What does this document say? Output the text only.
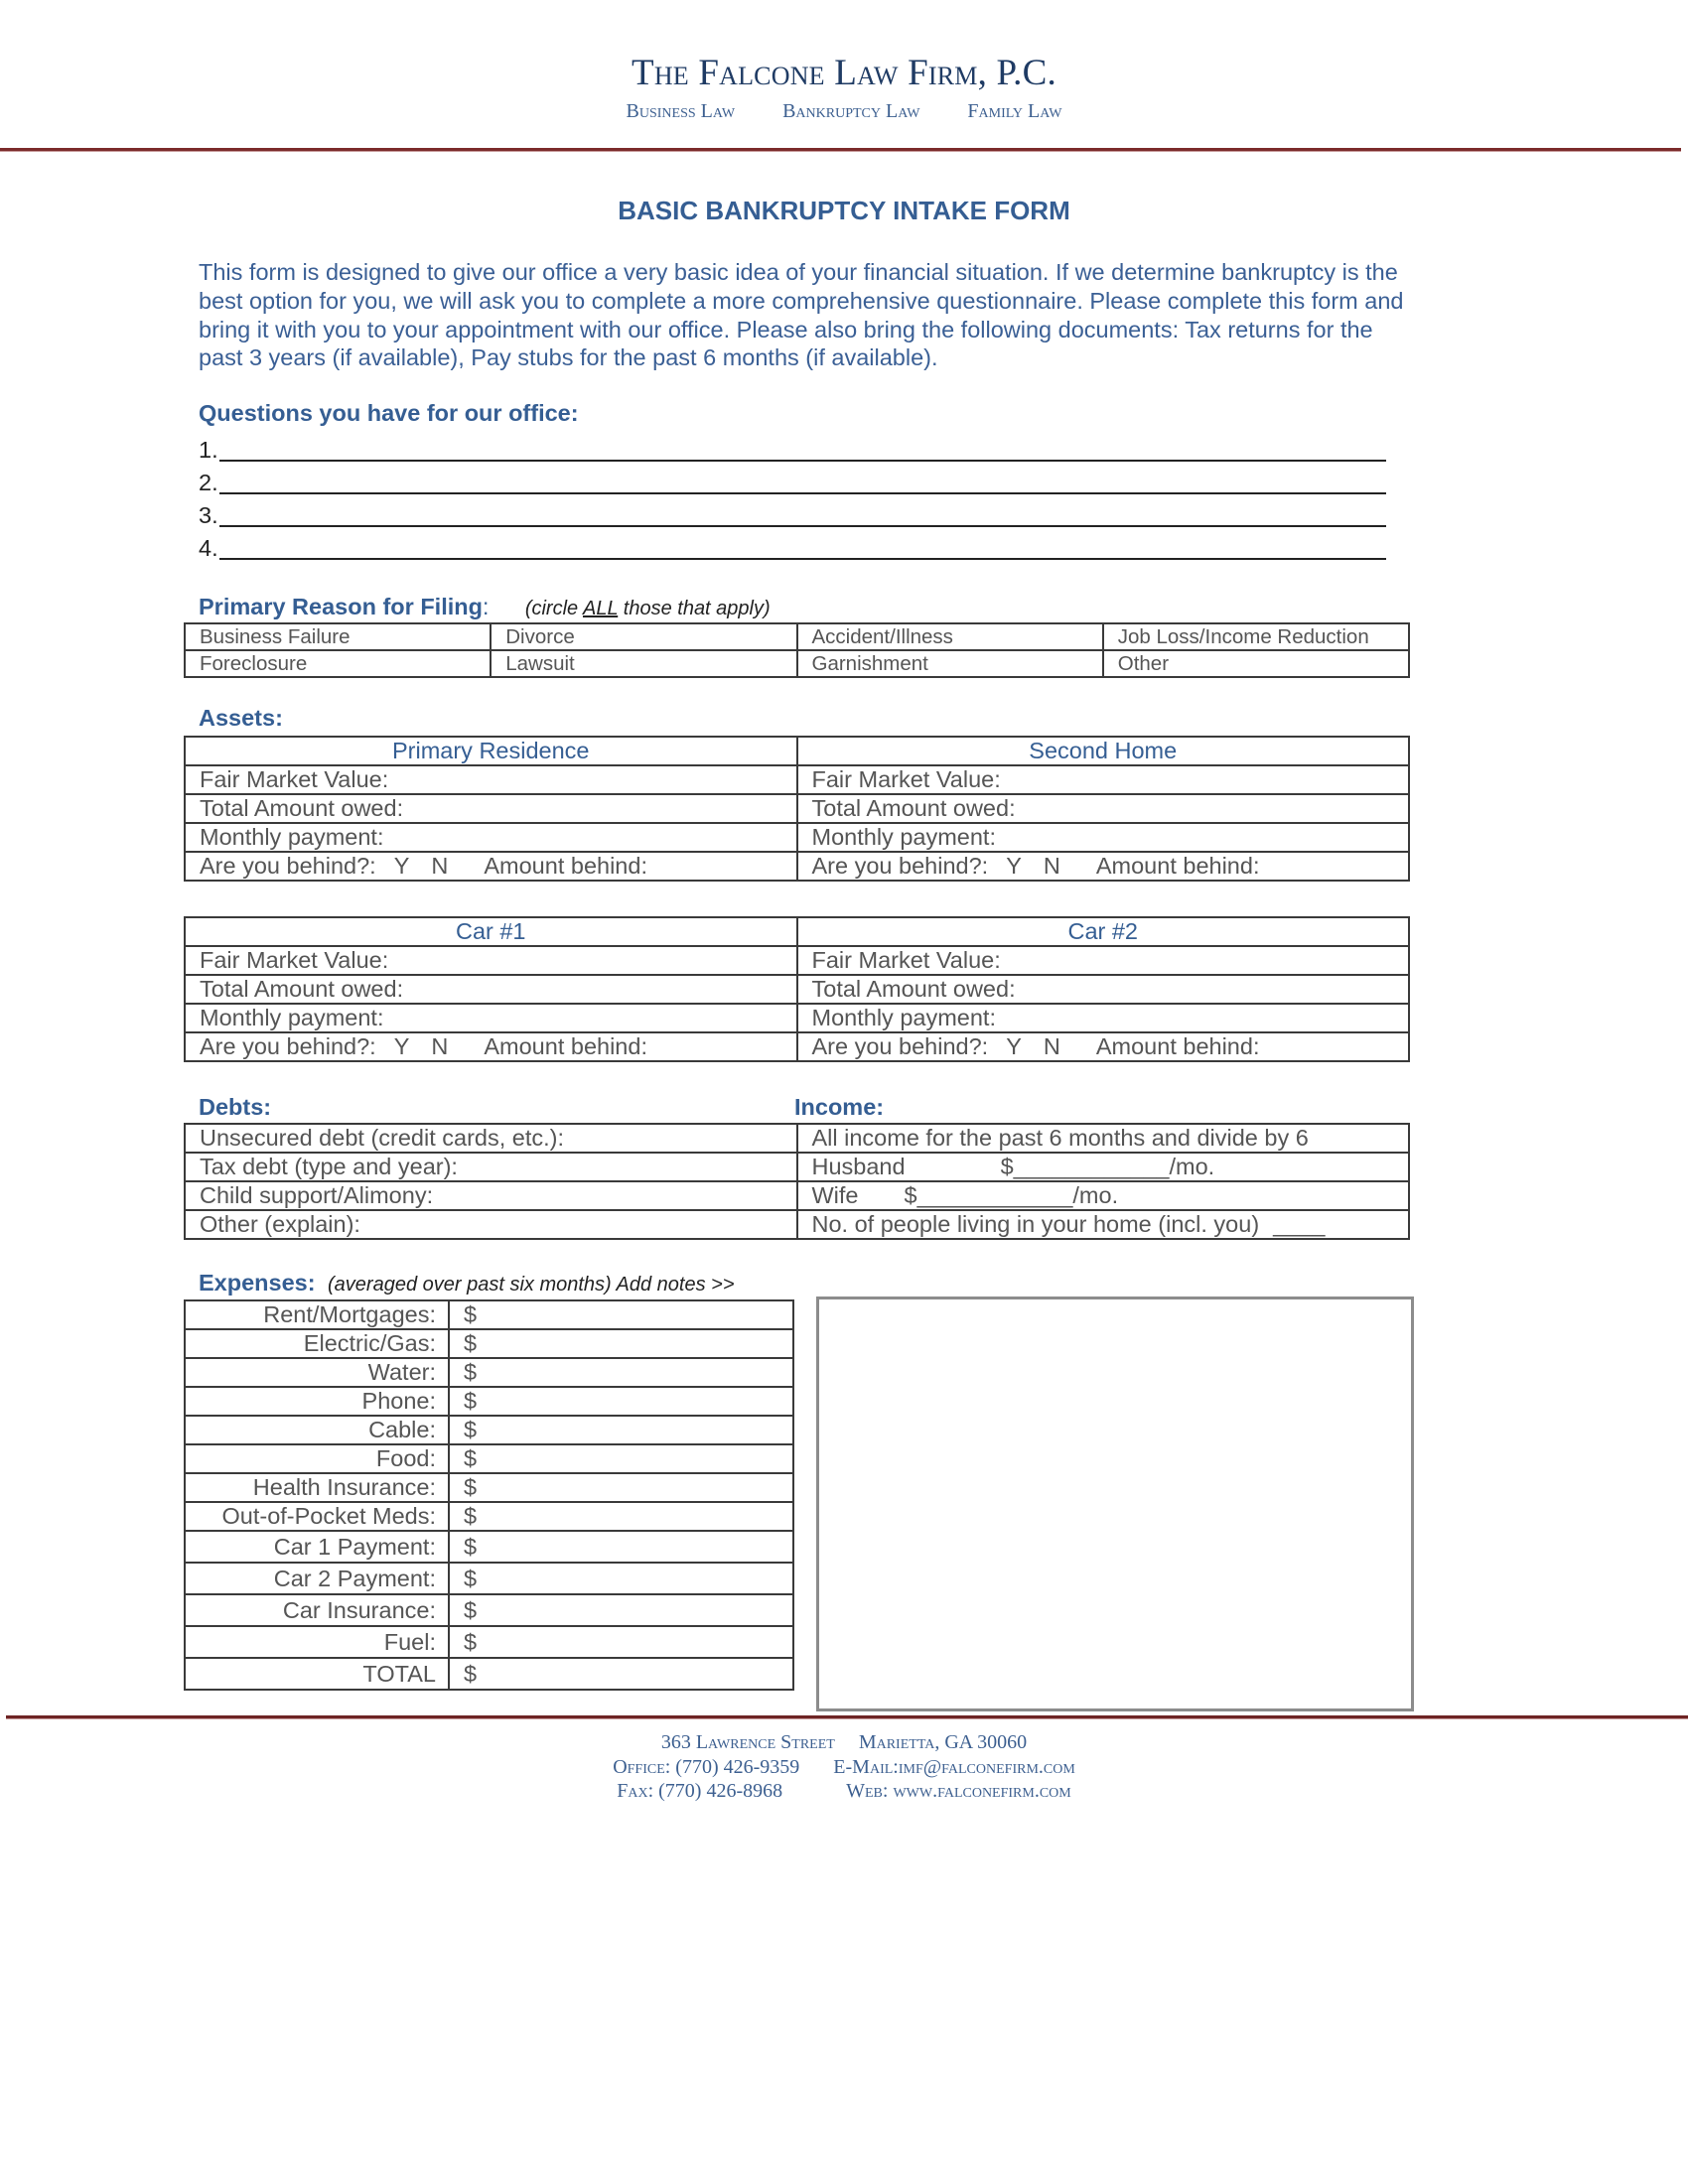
The Falcone Law Firm, P.C.
Business Law Bankruptcy Law Family Law
BASIC BANKRUPTCY INTAKE FORM

This form is designed to give our office a very basic idea of your financial situation. If we determine bankruptcy is the

best option for you, we will ask you to complete a more comprehensive questionnaire. Please complete this form and

bring it with you to your appointment with our office. Please also bring the following documents: Tax returns for the

past 3 years (if available), Pay stubs for the past 6 months (if available).

Questions you have for our office:
1.
2.
3.
4.
Primary Reason for Filing: (circle ALL those that apply)
Business Failure	Divorce	Accident/Illness	Job Loss/Income Reduction
Foreclosure	Lawsuit	Garnishment	Other
Assets:
Primary Residence	Second Home
Fair Market Value:	Fair Market Value:
Total Amount owed:	Total Amount owed:
Monthly payment:	Monthly payment:
Are you behind?: Y N Amount behind:	Are you behind?: Y N Amount behind:
Car #1	Car #2
Fair Market Value:	Fair Market Value:
Total Amount owed:	Total Amount owed:
Monthly payment:	Monthly payment:
Are you behind?: Y N Amount behind:	Are you behind?: Y N Amount behind:
Debts:	Income:
Unsecured debt (credit cards, etc.):	All income for the past 6 months and divide by 6
Tax debt (type and year):	Husband $____________/mo.
Child support/Alimony:	Wife $____________/mo.
Other (explain):	No. of people living in your home (incl. you) ____
Expenses: (averaged over past six months) Add notes >>
Rent/Mortgages:	$
Electric/Gas:	$
Water:	$
Phone:	$
Cable:	$
Food:	$
Health Insurance:	$
Out-of-Pocket Meds:	$
Car 1 Payment:	$
Car 2 Payment:	$
Car Insurance:	$
Fuel:	$
TOTAL	$
363 Lawrence Street Marietta, GA 30060
Office: (770) 426-9359 E-Mail:imf@falconefirm.com
Fax: (770) 426-8968	Web: www.falconefirm.com
